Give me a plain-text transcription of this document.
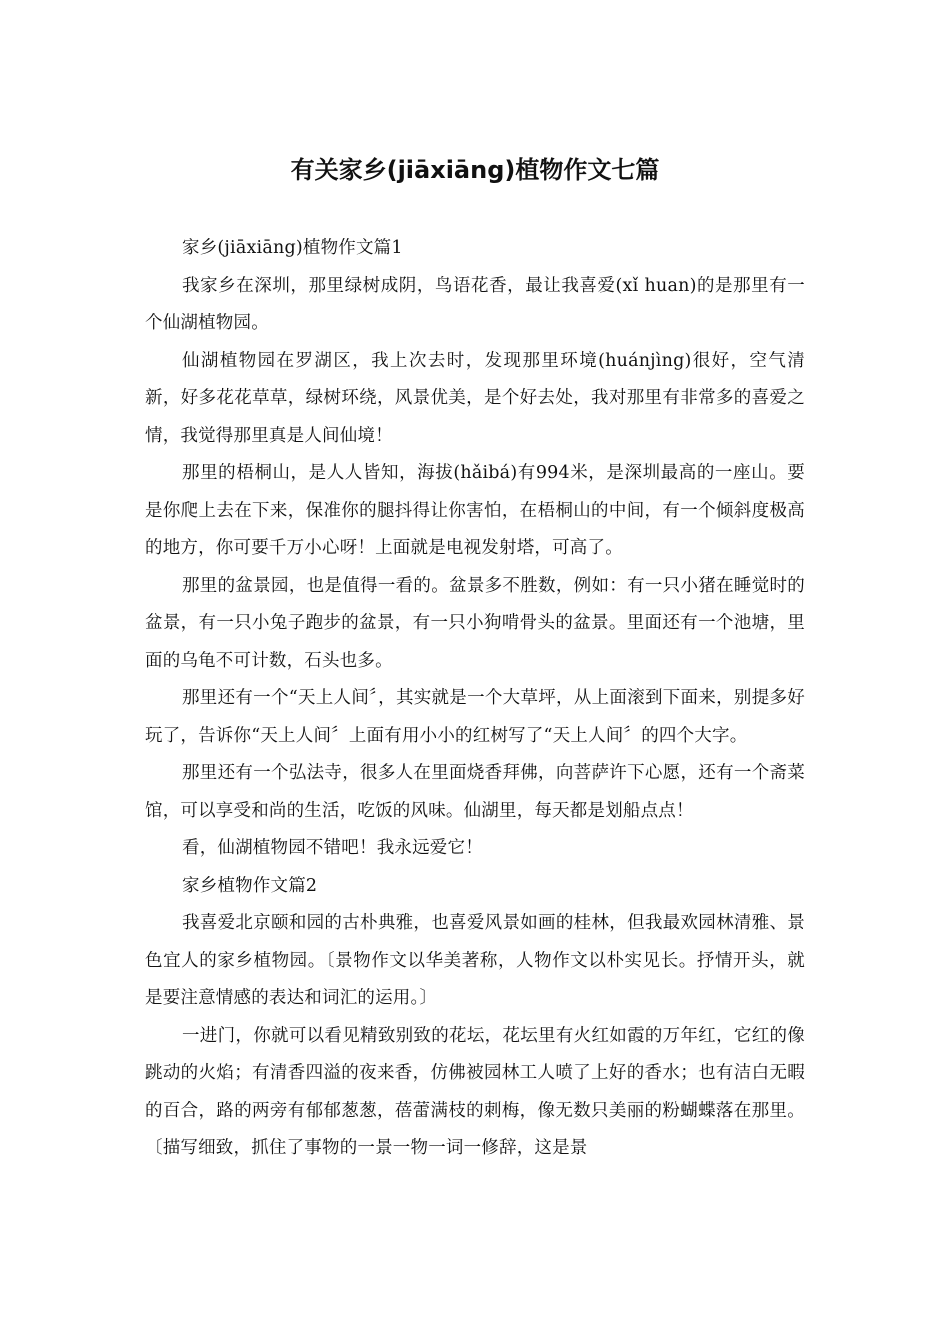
有关家乡(jiāxiāng)植物作文七篇

家乡(jiāxiāng)植物作文篇1

我家乡在深圳，那里绿树成阴，鸟语花香，最让我喜爱(xǐ huan)的是那里有一个仙湖植物园。

仙湖植物园在罗湖区，我上次去时，发现那里环境(huánjìng)很好，空气清新，好多花花草草，绿树环绕，风景优美，是个好去处，我对那里有非常多的喜爱之情，我觉得那里真是人间仙境！

那里的梧桐山，是人人皆知，海拔(hǎibá)有994米，是深圳最高的一座山。要是你爬上去在下来，保准你的腿抖得让你害怕，在梧桐山的中间，有一个倾斜度极高的地方，你可要千万小心呀！上面就是电视发射塔，可高了。

那里的盆景园，也是值得一看的。盆景多不胜数，例如：有一只小猪在睡觉时的盆景，有一只小兔子跑步的盆景，有一只小狗啃骨头的盆景。里面还有一个池塘，里面的乌龟不可计数，石头也多。

那里还有一个“天上人间〞，其实就是一个大草坪，从上面滚到下面来，别提多好玩了，告诉你“天上人间〞上面有用小小的红树写了“天上人间〞的四个大字。

那里还有一个弘法寺，很多人在里面烧香拜佛，向菩萨许下心愿，还有一个斋菜馆，可以享受和尚的生活，吃饭的风味。仙湖里，每天都是划船点点！

看，仙湖植物园不错吧！我永远爱它！

家乡植物作文篇2

我喜爱北京颐和园的古朴典雅，也喜爱风景如画的桂林，但我最欢园林清雅、景色宜人的家乡植物园。〔景物作文以华美著称，人物作文以朴实见长。抒情开头，就是要注意情感的表达和词汇的运用。〕

一进门，你就可以看见精致别致的花坛，花坛里有火红如霞的万年红，它红的像跳动的火焰；有清香四溢的夜来香，仿佛被园林工人喷了上好的香水；也有洁白无暇的百合，路的两旁有郁郁葱葱，蓓蕾满枝的刺梅，像无数只美丽的粉蝴蝶落在那里。〔描写细致，抓住了事物的一景一物一词一修辞，这是景
